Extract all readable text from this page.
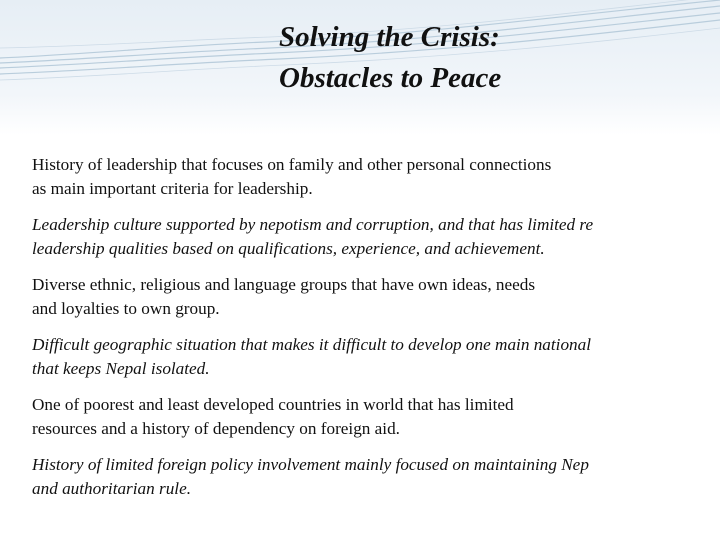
Solving the Crisis:
Obstacles to Peace
History of leadership that focuses on family and other personal connections
as main important criteria for leadership.
Leadership culture supported by nepotism and corruption, and that has limited re
leadership qualities based on qualifications, experience, and achievement.
Diverse ethnic, religious and language groups that have own ideas, needs
and loyalties to own group.
Difficult geographic situation that makes it difficult to develop one main national
that keeps Nepal isolated.
One of poorest and least developed countries in world that has limited
resources and a history of dependency on foreign aid.
History of limited foreign policy involvement mainly focused on maintaining Nep
and authoritarian rule.
